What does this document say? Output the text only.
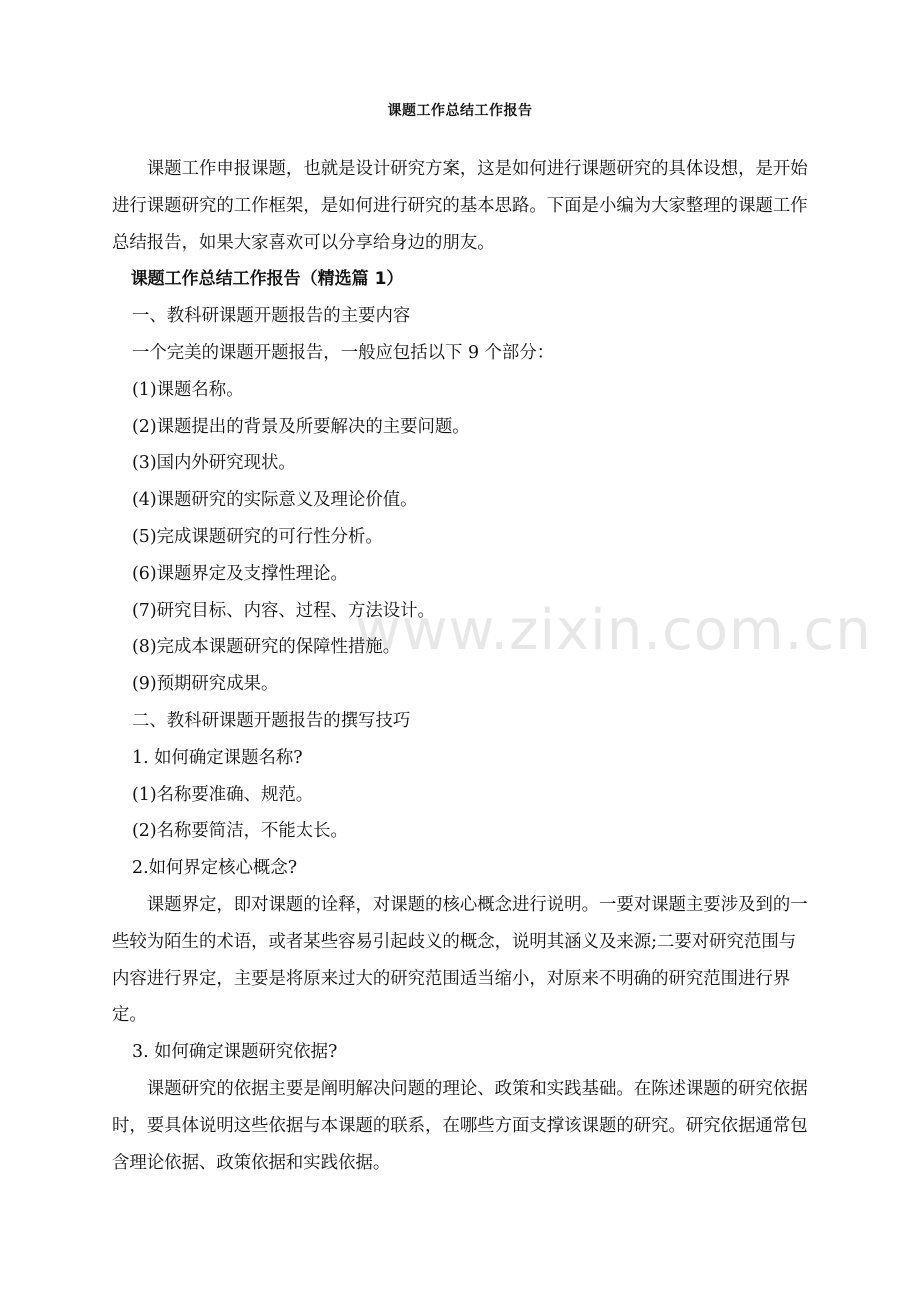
课题工作总结工作报告

课题工作申报课题，也就是设计研究方案，这是如何进行课题研究的具体设想，是开始进行课题研究的工作框架，是如何进行研究的基本思路。下面是小编为大家整理的课题工作总结报告，如果大家喜欢可以分享给身边的朋友。

课题工作总结工作报告（精选篇 1）

一、教科研课题开题报告的主要内容

一个完美的课题开题报告，一般应包括以下 9 个部分：

(1)课题名称。

(2)课题提出的背景及所要解决的主要问题。

(3)国内外研究现状。

(4)课题研究的实际意义及理论价值。

(5)完成课题研究的可行性分析。

(6)课题界定及支撑性理论。

(7)研究目标、内容、过程、方法设计。

(8)完成本课题研究的保障性措施。

(9)预期研究成果。

二、教科研课题开题报告的撰写技巧

1. 如何确定课题名称?

(1)名称要准确、规范。

(2)名称要简洁，不能太长。

2.如何界定核心概念?

课题界定，即对课题的诠释，对课题的核心概念进行说明。一要对课题主要涉及到的一些较为陌生的术语，或者某些容易引起歧义的概念，说明其涵义及来源;二要对研究范围与内容进行界定，主要是将原来过大的研究范围适当缩小，对原来不明确的研究范围进行界定。

3. 如何确定课题研究依据?

课题研究的依据主要是阐明解决问题的理论、政策和实践基础。在陈述课题的研究依据时，要具体说明这些依据与本课题的联系，在哪些方面支撑该课题的研究。研究依据通常包含理论依据、政策依据和实践依据。

www.zixin.com.cn
